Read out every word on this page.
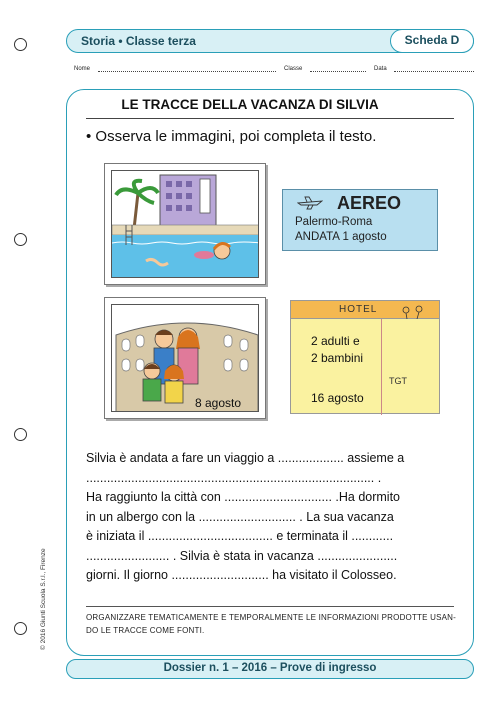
Storia • Classe terza	Scheda D
Nome	Classe	Data
LE TRACCE DELLA VACANZA DI SILVIA
• Osserva le immagini, poi completa il testo.
AEREO
Palermo-Roma
ANDATA 1 agosto
8 agosto
HOTEL
2 adulti e
2 bambini
TGT
16 agosto

Silvia è andata a fare un viaggio a ................... assieme a

................................................................................... .

Ha raggiunto la città con ............................... .Ha dormito

in un albergo con la ............................ . La sua vacanza

è iniziata il .................................... e terminata il ............

........................ . Silvia è stata in vacanza .......................

giorni. Il giorno ............................ ha visitato il Colosseo.

ORGANIZZARE TEMATICAMENTE E TEMPORALMENTE LE INFORMAZIONI PRODOTTE USAN-
DO LE TRACCE COME FONTI.
© 2016 Giunti Scuola S.r.l., Firenze
Dossier n. 1 – 2016 – Prove di ingresso
